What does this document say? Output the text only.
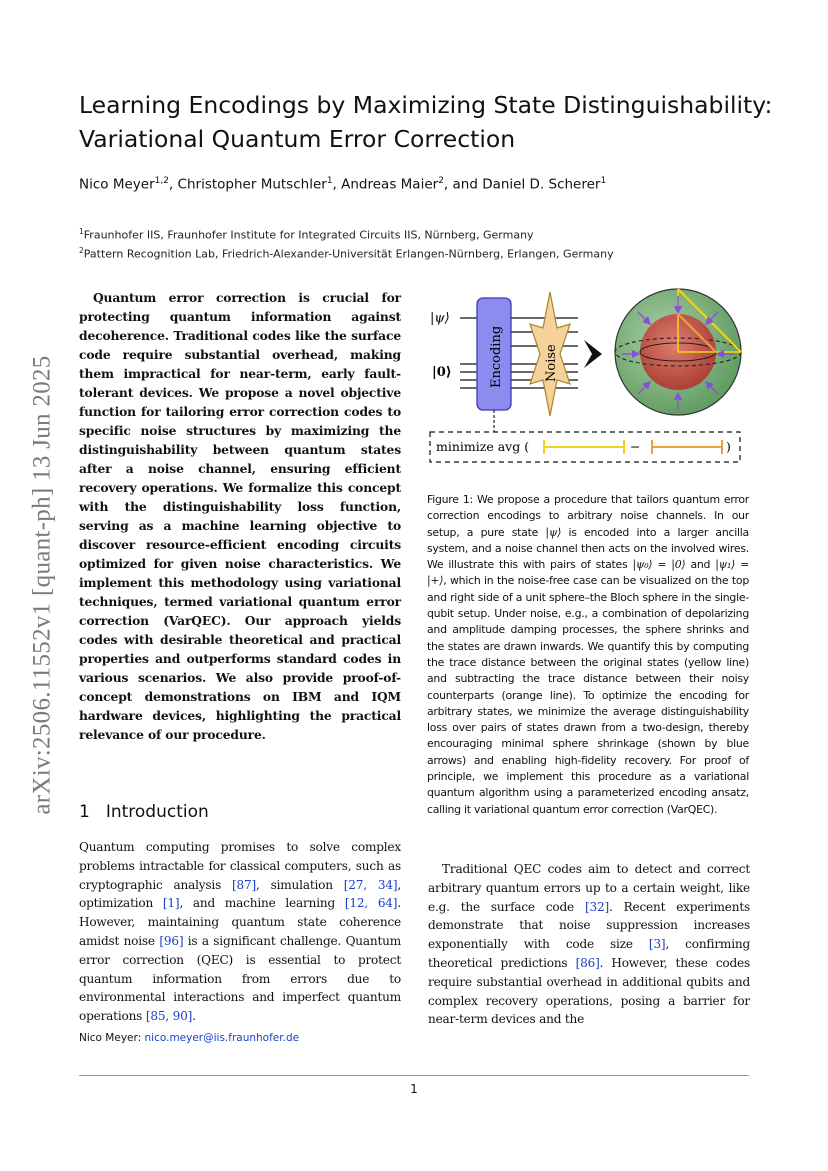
arXiv:2506.11552v1 [quant-ph] 13 Jun 2025
Learning Encodings by Maximizing State Distinguishability: Variational Quantum Error Correction
Nico Meyer$^{1,2}$, Christopher Mutschler$^1$, Andreas Maier$^2$, and Daniel D. Scherer$^1$
$^1$Fraunhofer IIS, Fraunhofer Institute for Integrated Circuits IIS, Nürnberg, Germany
$^2$Pattern Recognition Lab, Friedrich-Alexander-Universität Erlangen-Nürnberg, Erlangen, Germany

Quantum error correction is crucial for protecting quantum information against decoherence. Traditional codes like the surface code require substantial overhead, making them impractical for near-term, early fault-tolerant devices. We propose a novel objective function for tailoring error correction codes to specific noise structures by maximizing the distinguishability between quantum states after a noise channel, ensuring efficient recovery operations. We formalize this concept with the distinguishability loss function, serving as a machine learning objective to discover resource-efficient encoding circuits optimized for given noise characteristics. We implement this methodology using variational techniques, termed variational quantum error correction (VarQEC). Our approach yields codes with desirable theoretical and practical properties and outperforms standard codes in various scenarios. We also provide proof-of-concept demonstrations on IBM and IQM hardware devices, highlighting the practical relevance of our procedure.

1 Introduction

Quantum computing promises to solve complex problems intractable for classical computers, such as cryptographic analysis [87], simulation [27, 34], optimization [1], and machine learning [12, 64]. However, maintaining quantum state coherence amidst noise [96] is a significant challenge. Quantum error correction (QEC) is essential to protect quantum information from errors due to environmental interactions and imperfect quantum operations [85, 90].

Nico Meyer: nico.meyer@iis.fraunhofer.de
|ψ⟩
|0⟩	Encoding	Noise
minimize avg (	−	)

Figure 1: We propose a procedure that tailors quantum error correction encodings to arbitrary noise channels. In our setup, a pure state |ψ⟩ is encoded into a larger ancilla system, and a noise channel then acts on the involved wires. We illustrate this with pairs of states |ψ₀⟩ = |0⟩ and |ψ₁⟩ = |+⟩, which in the noise-free case can be visualized on the top and right side of a unit sphere–the Bloch sphere in the single-qubit setup. Under noise, e.g., a combination of depolarizing and amplitude damping processes, the sphere shrinks and the states are drawn inwards. We quantify this by computing the trace distance between the original states (yellow line) and subtracting the trace distance between their noisy counterparts (orange line). To optimize the encoding for arbitrary states, we minimize the average distinguishability loss over pairs of states drawn from a two-design, thereby encouraging minimal sphere shrinkage (shown by blue arrows) and enabling high-fidelity recovery. For proof of principle, we implement this procedure as a variational quantum algorithm using a parameterized encoding ansatz, calling it variational quantum error correction (VarQEC).

Traditional QEC codes aim to detect and correct arbitrary quantum errors up to a certain weight, like e.g. the surface code [32]. Recent experiments demonstrate that noise suppression increases exponentially with code size [3], confirming theoretical predictions [86]. However, these codes require substantial overhead in additional qubits and complex recovery operations, posing a barrier for near-term devices and the

1
